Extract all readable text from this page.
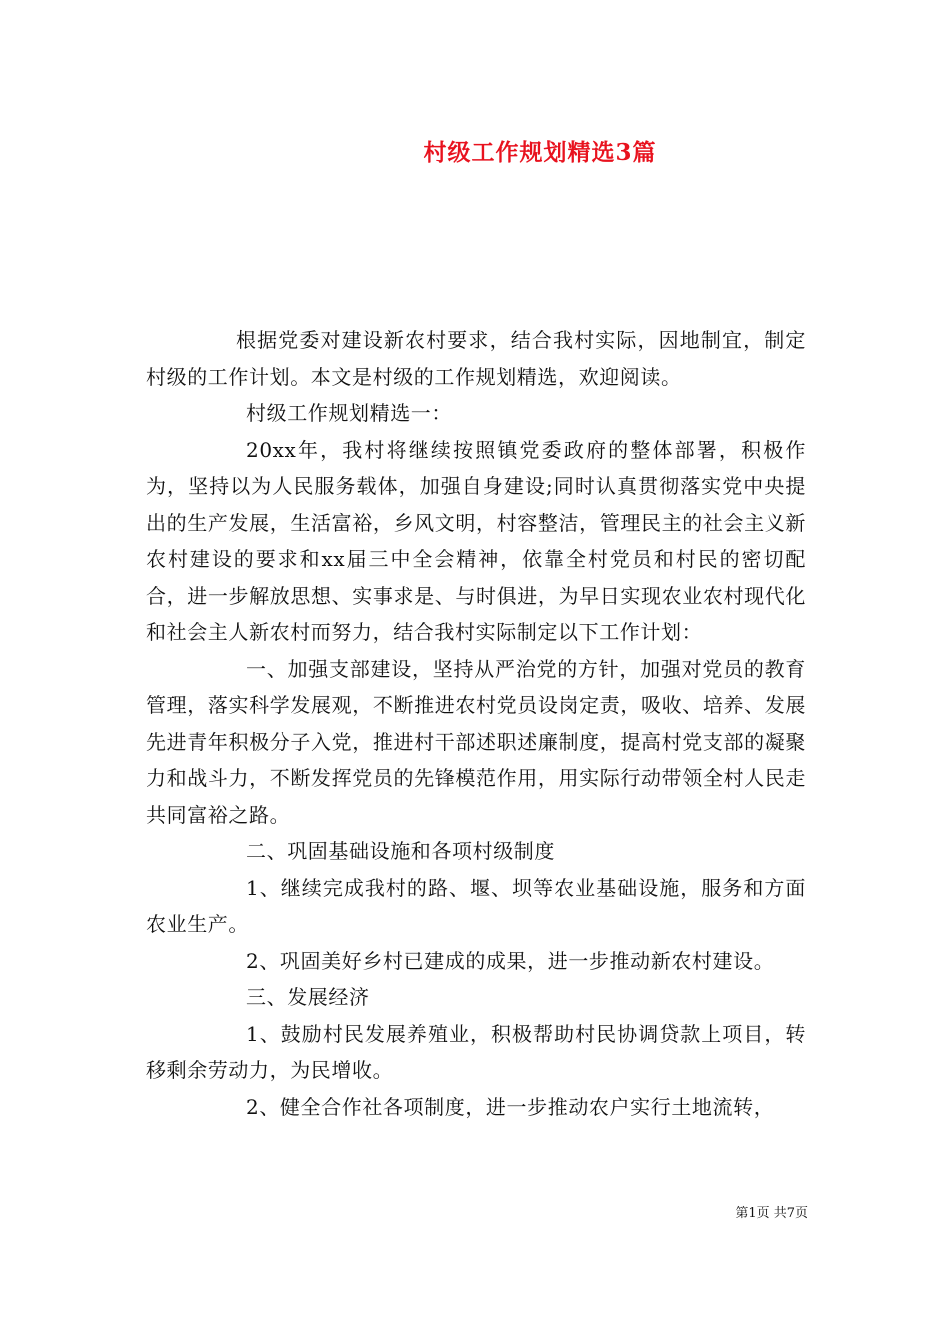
村级工作规划精选3篇

根据党委对建设新农村要求，结合我村实际，因地制宜，制定村级的工作计划。本文是村级的工作规划精选，欢迎阅读。

村级工作规划精选一：

20xx年，我村将继续按照镇党委政府的整体部署，积极作为，坚持以为人民服务载体，加强自身建设;同时认真贯彻落实党中央提出的生产发展，生活富裕，乡风文明，村容整洁，管理民主的社会主义新农村建设的要求和xx届三中全会精神，依靠全村党员和村民的密切配合，进一步解放思想、实事求是、与时俱进，为早日实现农业农村现代化和社会主人新农村而努力，结合我村实际制定以下工作计划：

一、加强支部建设，坚持从严治党的方针，加强对党员的教育管理，落实科学发展观，不断推进农村党员设岗定责，吸收、培养、发展先进青年积极分子入党，推进村干部述职述廉制度，提高村党支部的凝聚力和战斗力，不断发挥党员的先锋模范作用，用实际行动带领全村人民走共同富裕之路。

二、巩固基础设施和各项村级制度

1、继续完成我村的路、堰、坝等农业基础设施，服务和方面农业生产。

2、巩固美好乡村已建成的成果，进一步推动新农村建设。

三、发展经济

1、鼓励村民发展养殖业，积极帮助村民协调贷款上项目，转移剩余劳动力，为民增收。

2、健全合作社各项制度，进一步推动农户实行土地流转，

第1页 共7页
